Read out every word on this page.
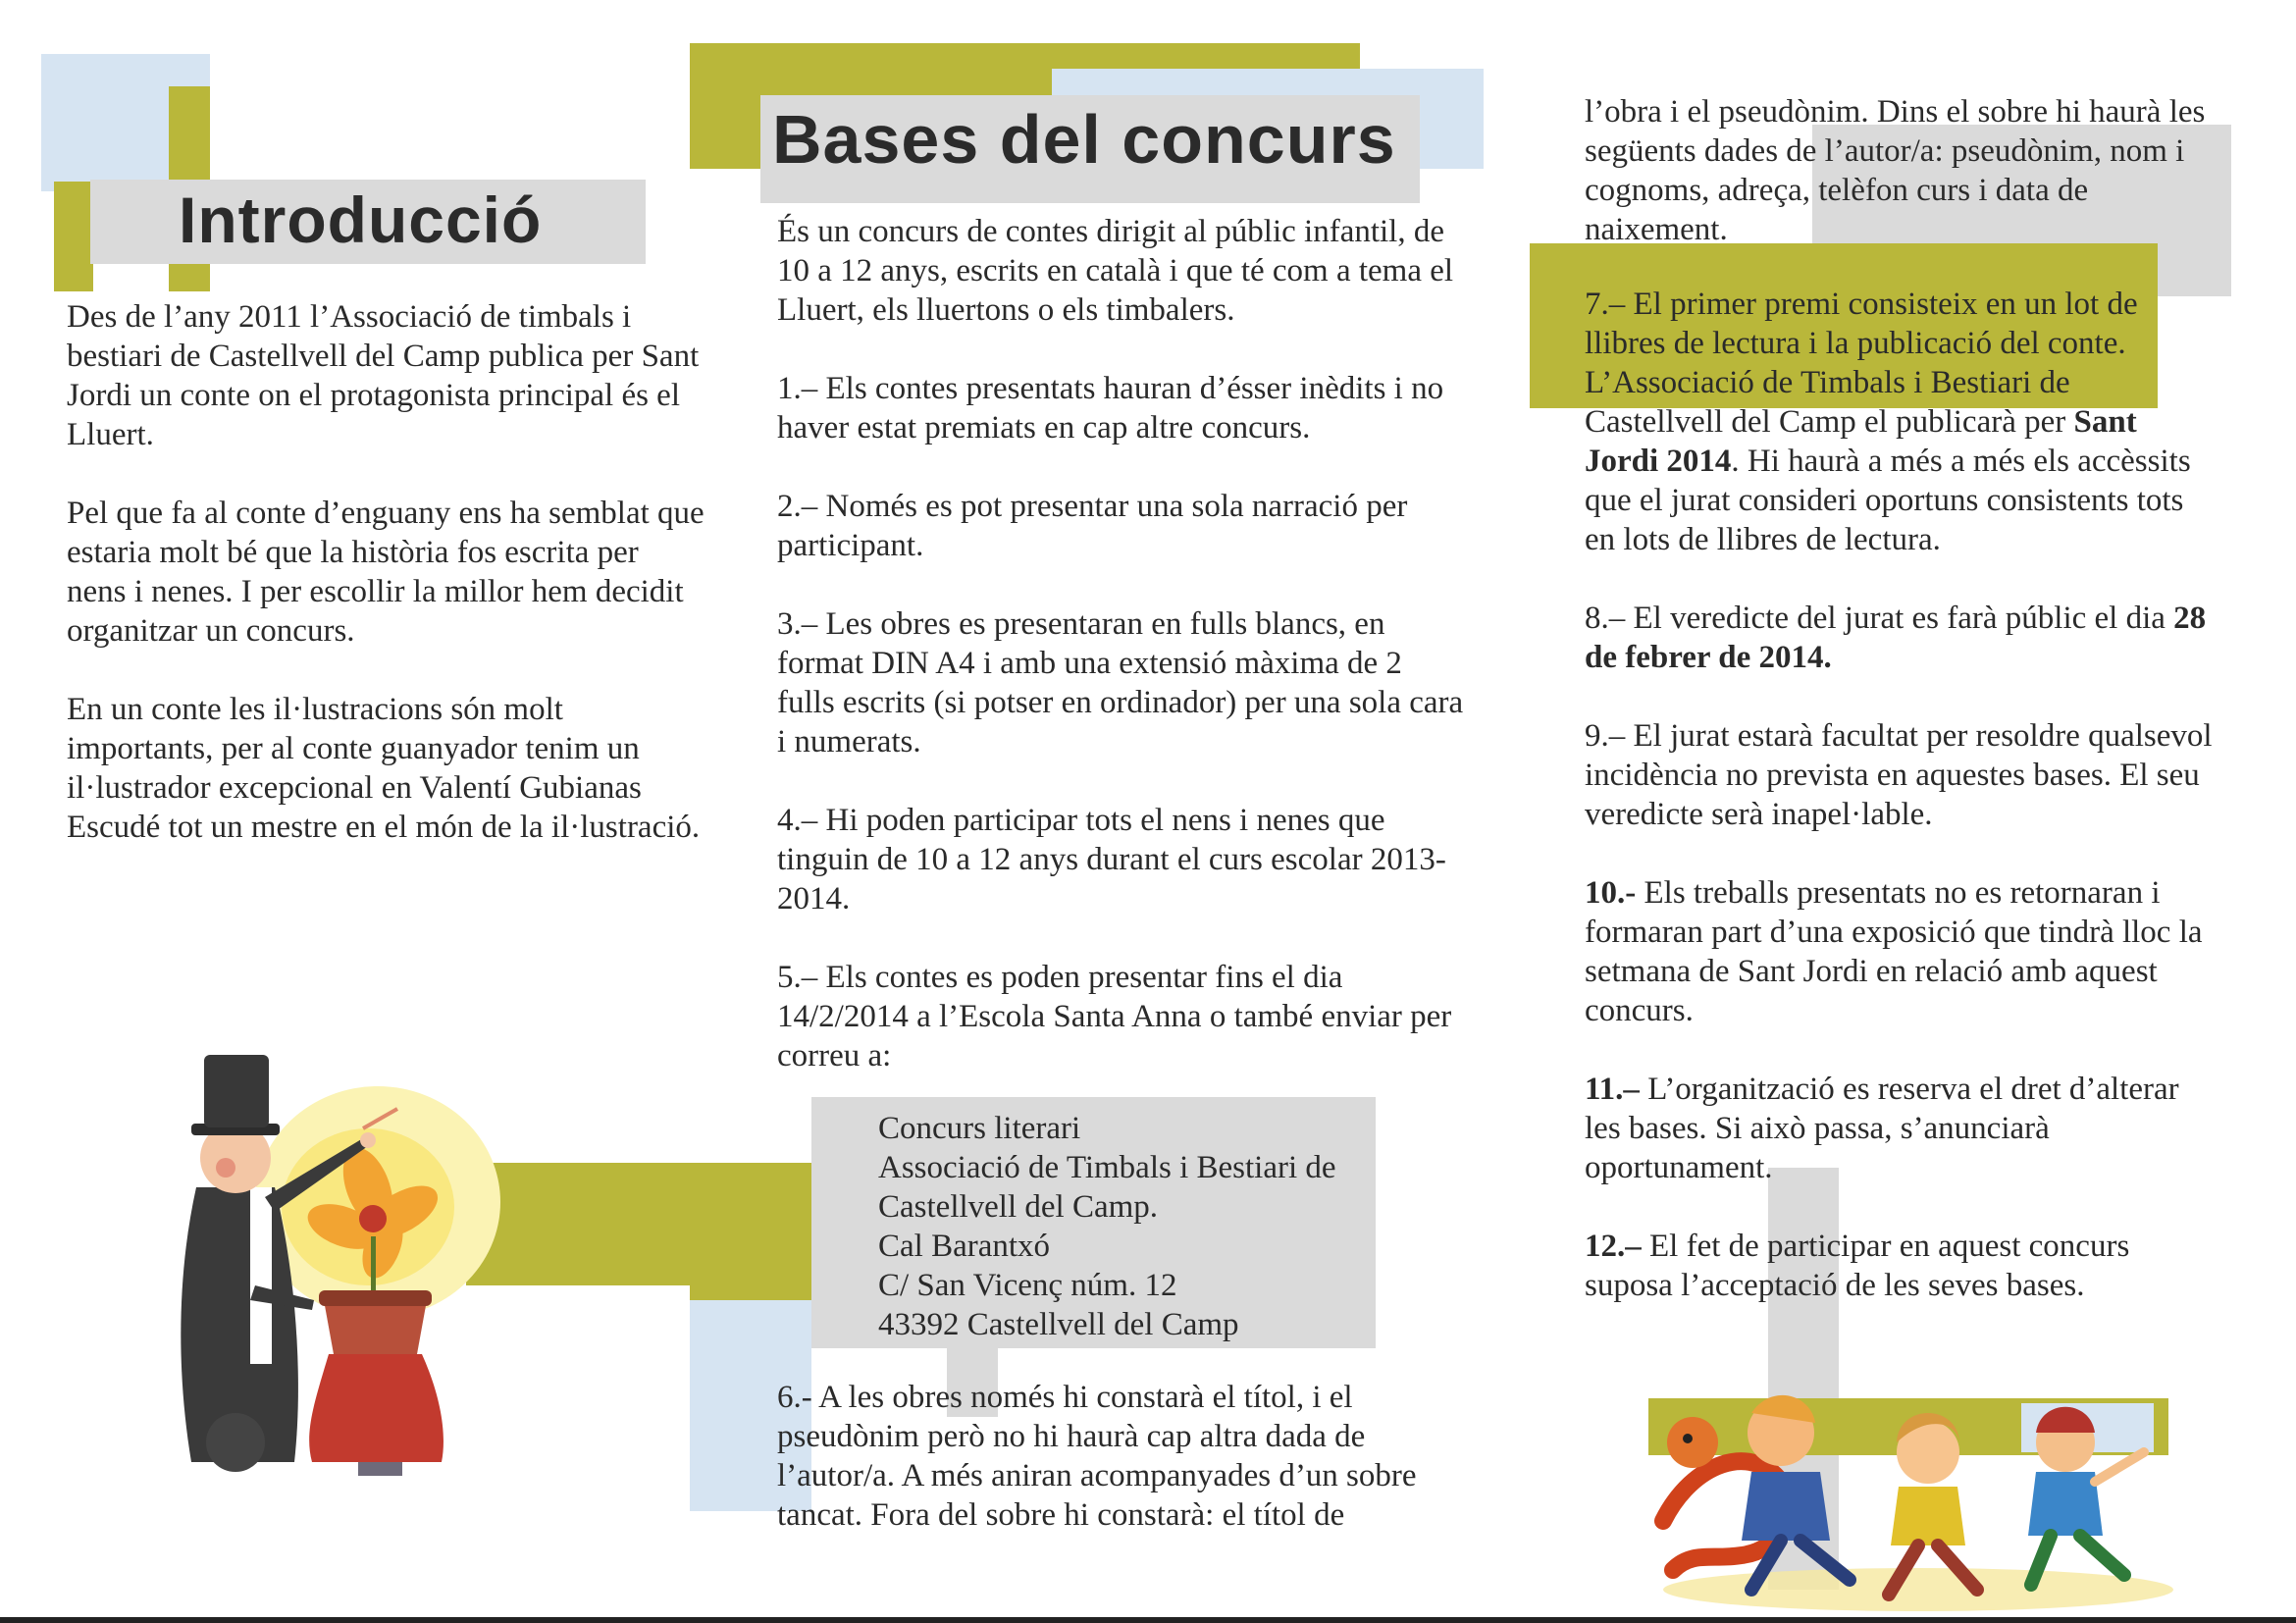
Introducció
Bases del concurs

Des de l’any 2011 l’Associació de timbals i bestiari de Castellvell del Camp publica per Sant Jordi un conte on el protagonista principal és el Lluert.

Pel que fa al conte d’enguany ens ha semblat que estaria molt bé que la història fos escrita per nens i nenes. I per escollir la millor hem decidit organitzar un concurs.

En un conte les il·lustracions són molt importants, per al conte guanyador tenim un il·lustrador excepcional en Valentí Gubianas Escudé tot un mestre en el món de la il·lustració.

És un concurs de contes dirigit al públic infantil, de 10 a 12 anys, escrits en català i que té com a tema el Lluert, els lluertons o els timbalers.

1.– Els contes presentats hauran d’ésser inèdits i no haver estat premiats en cap altre concurs.

2.– Només es pot presentar una sola narració per participant.

3.– Les obres es presentaran en fulls blancs, en format DIN A4 i amb una extensió màxima de 2 fulls escrits (si potser en ordinador) per una sola cara i numerats.

4.– Hi poden participar tots el nens i nenes que tinguin de 10 a 12 anys durant el curs escolar 2013-2014.

5.– Els contes es poden presentar fins el dia 14/2/2014 a l’Escola Santa Anna o també enviar per correu a:

Concurs literari
Associació de Timbals i Bestiari de
Castellvell del Camp.
Cal Barantxó
C/ San Vicenç núm. 12
43392 Castellvell del Camp

6.- A les obres només hi constarà el títol, i el pseudònim però no hi haurà cap altra dada de l’autor/a. A més aniran acompanyades d’un sobre tancat. Fora del sobre hi constarà: el títol de

l’obra i el pseudònim. Dins el sobre hi haurà les següents dades de l’autor/a: pseudònim, nom i cognoms, adreça, telèfon curs i data de naixement.

7.– El primer premi consisteix en un lot de llibres de lectura i la publicació del conte. L’Associació de Timbals i Bestiari de Castellvell del Camp el publicarà per Sant Jordi 2014. Hi haurà a més a més els accèssits que el jurat consideri oportuns consistents tots en lots de llibres de lectura.

8.– El veredicte del jurat es farà públic el dia 28 de febrer de 2014.

9.– El jurat estarà facultat per resoldre qualsevol incidència no prevista en aquestes bases. El seu veredicte serà inapel·lable.

10.- Els treballs presentats no es retornaran i formaran part d’una exposició que tindrà lloc la setmana de Sant Jordi en relació amb aquest concurs.

11.– L’organització es reserva el dret d’alterar les bases. Si això passa, s’anunciarà oportunament.

12.– El fet de participar en aquest concurs suposa l’acceptació de les seves bases.
